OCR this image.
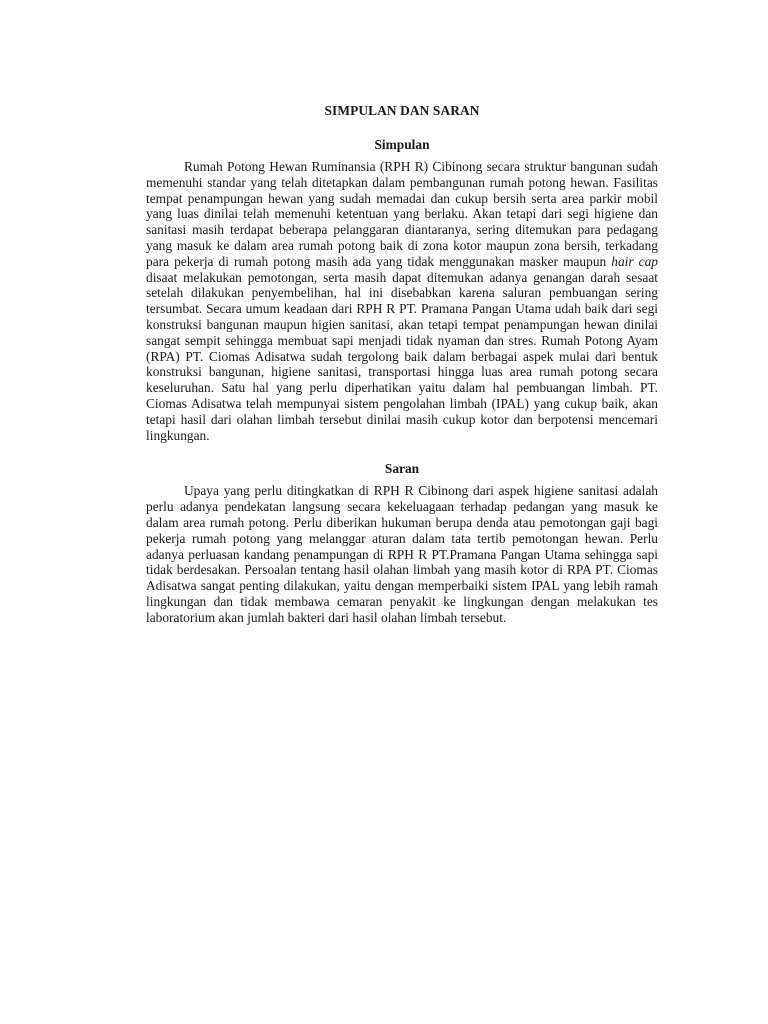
SIMPULAN DAN SARAN
Simpulan

Rumah Potong Hewan Ruminansia (RPH R) Cibinong secara struktur bangunan sudah memenuhi standar yang telah ditetapkan dalam pembangunan rumah potong hewan. Fasilitas tempat penampungan hewan yang sudah memadai dan cukup bersih serta area parkir mobil yang luas dinilai telah memenuhi ketentuan yang berlaku. Akan tetapi dari segi higiene dan sanitasi masih terdapat beberapa pelanggaran diantaranya, sering ditemukan para pedagang yang masuk ke dalam area rumah potong baik di zona kotor maupun zona bersih, terkadang para pekerja di rumah potong masih ada yang tidak menggunakan masker maupun hair cap disaat melakukan pemotongan, serta masih dapat ditemukan adanya genangan darah sesaat setelah dilakukan penyembelihan, hal ini disebabkan karena saluran pembuangan sering tersumbat. Secara umum keadaan dari RPH R PT. Pramana Pangan Utama udah baik dari segi konstruksi bangunan maupun higien sanitasi, akan tetapi tempat penampungan hewan dinilai sangat sempit sehingga membuat sapi menjadi tidak nyaman dan stres. Rumah Potong Ayam (RPA) PT. Ciomas Adisatwa sudah tergolong baik dalam berbagai aspek mulai dari bentuk konstruksi bangunan, higiene sanitasi, transportasi hingga luas area rumah potong secara keseluruhan. Satu hal yang perlu diperhatikan yaitu dalam hal pembuangan limbah. PT. Ciomas Adisatwa telah mempunyai sistem pengolahan limbah (IPAL) yang cukup baik, akan tetapi hasil dari olahan limbah tersebut dinilai masih cukup kotor dan berpotensi mencemari lingkungan.

Saran

Upaya yang perlu ditingkatkan di RPH R Cibinong dari aspek higiene sanitasi adalah perlu adanya pendekatan langsung secara kekeluagaan terhadap pedangan yang masuk ke dalam area rumah potong. Perlu diberikan hukuman berupa denda atau pemotongan gaji bagi pekerja rumah potong yang melanggar aturan dalam tata tertib pemotongan hewan. Perlu adanya perluasan kandang penampungan di RPH R PT.Pramana Pangan Utama sehingga sapi tidak berdesakan. Persoalan tentang hasil olahan limbah yang masih kotor di RPA PT. Ciomas Adisatwa sangat penting dilakukan, yaitu dengan memperbaiki sistem IPAL yang lebih ramah lingkungan dan tidak membawa cemaran penyakit ke lingkungan dengan melakukan tes laboratorium akan jumlah bakteri dari hasil olahan limbah tersebut.
